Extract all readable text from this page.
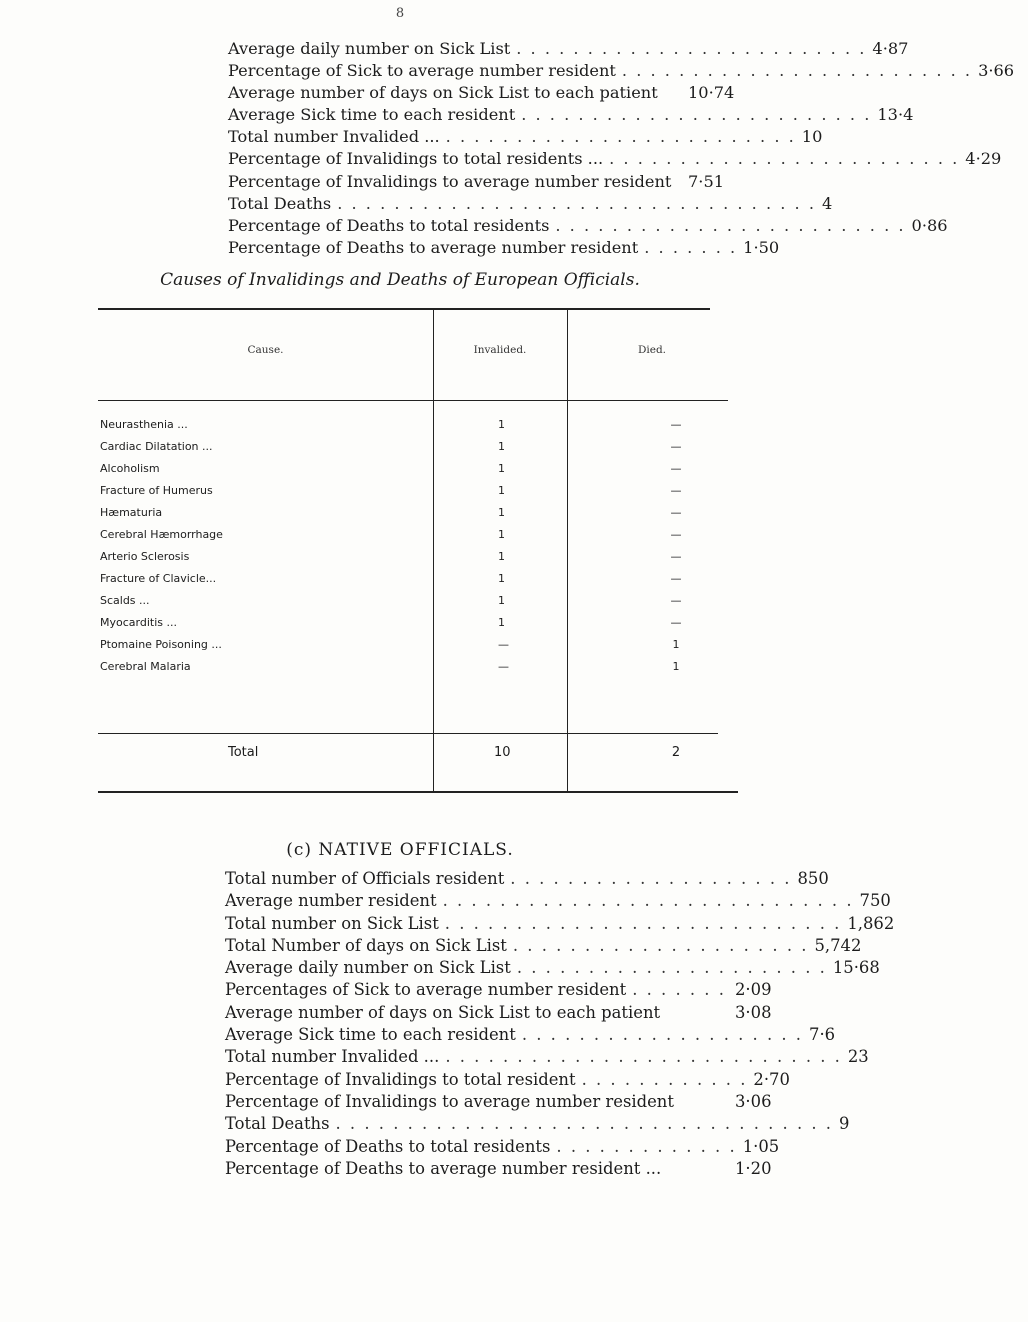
8
Average daily number on Sick List . . . . . . . . . . . . . . . . . . . . . . . . . 4·87
Percentage of Sick to average number resident . . . . . . . . . . . . . . . . . . . . . . . . . 3·66
Average number of days on Sick List to each patient 10·74
Average Sick time to each resident . . . . . . . . . . . . . . . . . . . . . . . . . 13·4
Total number Invalided ... . . . . . . . . . . . . . . . . . . . . . . . . . 10
Percentage of Invalidings to total residents ... . . . . . . . . . . . . . . . . . . . . . . . . . 4·29
Percentage of Invalidings to average number resident 7·51
Total Deaths . . . . . . . . . . . . . . . . . . . . . . . . . . . . . . . . . . 4
Percentage of Deaths to total residents . . . . . . . . . . . . . . . . . . . . . . . . . 0·86
Percentage of Deaths to average number resident . . . . . . . 1·50
Causes of Invalidings and Deaths of European Officials.
Cause.	Invalided.	Died.
Neurasthenia ...	1	—
Cardiac Dilatation ...	1	—
Alcoholism	1	—
Fracture of Humerus	1	—
Hæmaturia	1	—
Cerebral Hæmorrhage	1	—
Arterio Sclerosis	1	—
Fracture of Clavicle...	1	—
Scalds ...	1	—
Myocarditis ...	1	—
Ptomaine Poisoning ...	—	1
Cerebral Malaria	—	1
Total	10	2
(c) NATIVE OFFICIALS.
Total number of Officials resident . . . . . . . . . . . . . . . . . . . . 850
Average number resident . . . . . . . . . . . . . . . . . . . . . . . . . . . . . 750
Total number on Sick List . . . . . . . . . . . . . . . . . . . . . . . . . . . . 1,862
Total Number of days on Sick List . . . . . . . . . . . . . . . . . . . . . 5,742
Average daily number on Sick List . . . . . . . . . . . . . . . . . . . . . . 15·68
Percentages of Sick to average number resident . . . . . . . 2·09
Average number of days on Sick List to each patient	3·08
Average Sick time to each resident . . . . . . . . . . . . . . . . . . . . 7·6
Total number Invalided ... . . . . . . . . . . . . . . . . . . . . . . . . . . . . 23
Percentage of Invalidings to total resident . . . . . . . . . . . . 2·70
Percentage of Invalidings to average number resident	3·06
Total Deaths . . . . . . . . . . . . . . . . . . . . . . . . . . . . . . . . . . . 9
Percentage of Deaths to total residents . . . . . . . . . . . . . 1·05
Percentage of Deaths to average number resident ...	1·20
